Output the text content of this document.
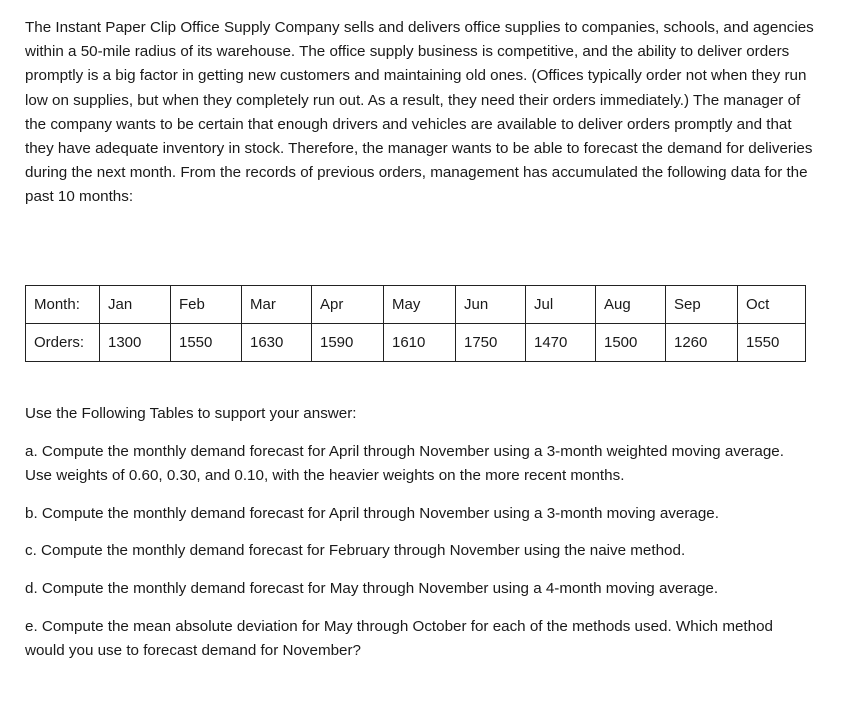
The Instant Paper Clip Office Supply Company sells and delivers office supplies to companies, schools, and agencies within a 50-mile radius of its warehouse. The office supply business is competitive, and the ability to deliver orders promptly is a big factor in getting new customers and maintaining old ones. (Offices typically order not when they run low on supplies, but when they completely run out. As a result, they need their orders immediately.) The manager of the company wants to be certain that enough drivers and vehicles are available to deliver orders promptly and that they have adequate inventory in stock. Therefore, the manager wants to be able to forecast the demand for deliveries during the next month. From the records of previous orders, management has accumulated the following data for the past 10 months:

Month:	Jan	Feb	Mar	Apr	May	Jun	Jul	Aug	Sep	Oct
Orders:	1300	1550	1630	1590	1610	1750	1470	1500	1260	1550

Use the Following Tables to support your answer:

a. Compute the monthly demand forecast for April through November using a 3-month weighted moving average. Use weights of 0.60, 0.30, and 0.10, with the heavier weights on the more recent months.

b. Compute the monthly demand forecast for April through November using a 3-month moving average.

c. Compute the monthly demand forecast for February through November using the naive method.

d. Compute the monthly demand forecast for May through November using a 4-month moving average.

e. Compute the mean absolute deviation for May through October for each of the methods used. Which method would you use to forecast demand for November?
